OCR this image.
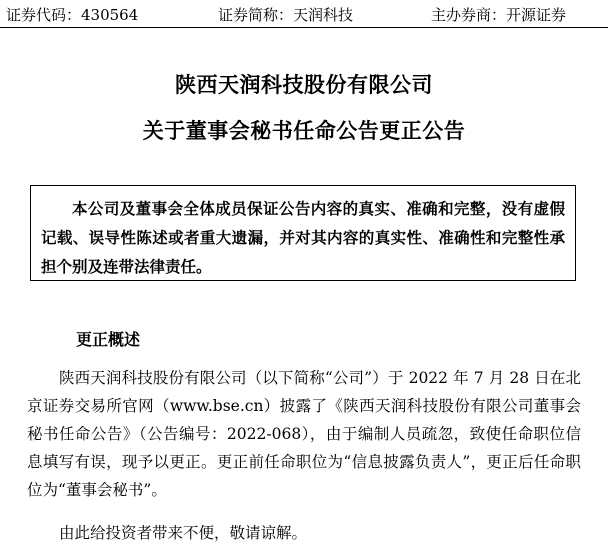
证券代码：430564	证券简称：天润科技	主办券商：开源证券
陕西天润科技股份有限公司
关于董事会秘书任命公告更正公告
本公司及董事会全体成员保证公告内容的真实、准确和完整，没有虚假记载、误导性陈述或者重大遗漏，并对其内容的真实性、准确性和完整性承担个别及连带法律责任。
更正概述
陕西天润科技股份有限公司（以下简称“公司”）于 2022 年 7 月 28 日在北京证券交易所官网（www.bse.cn）披露了《陕西天润科技股份有限公司董事会秘书任命公告》（公告编号：2022-068），由于编制人员疏忽，致使任命职位信息填写有误，现予以更正。更正前任命职位为“信息披露负责人”，更正后任命职位为“董事会秘书”。
由此给投资者带来不便，敬请谅解。
